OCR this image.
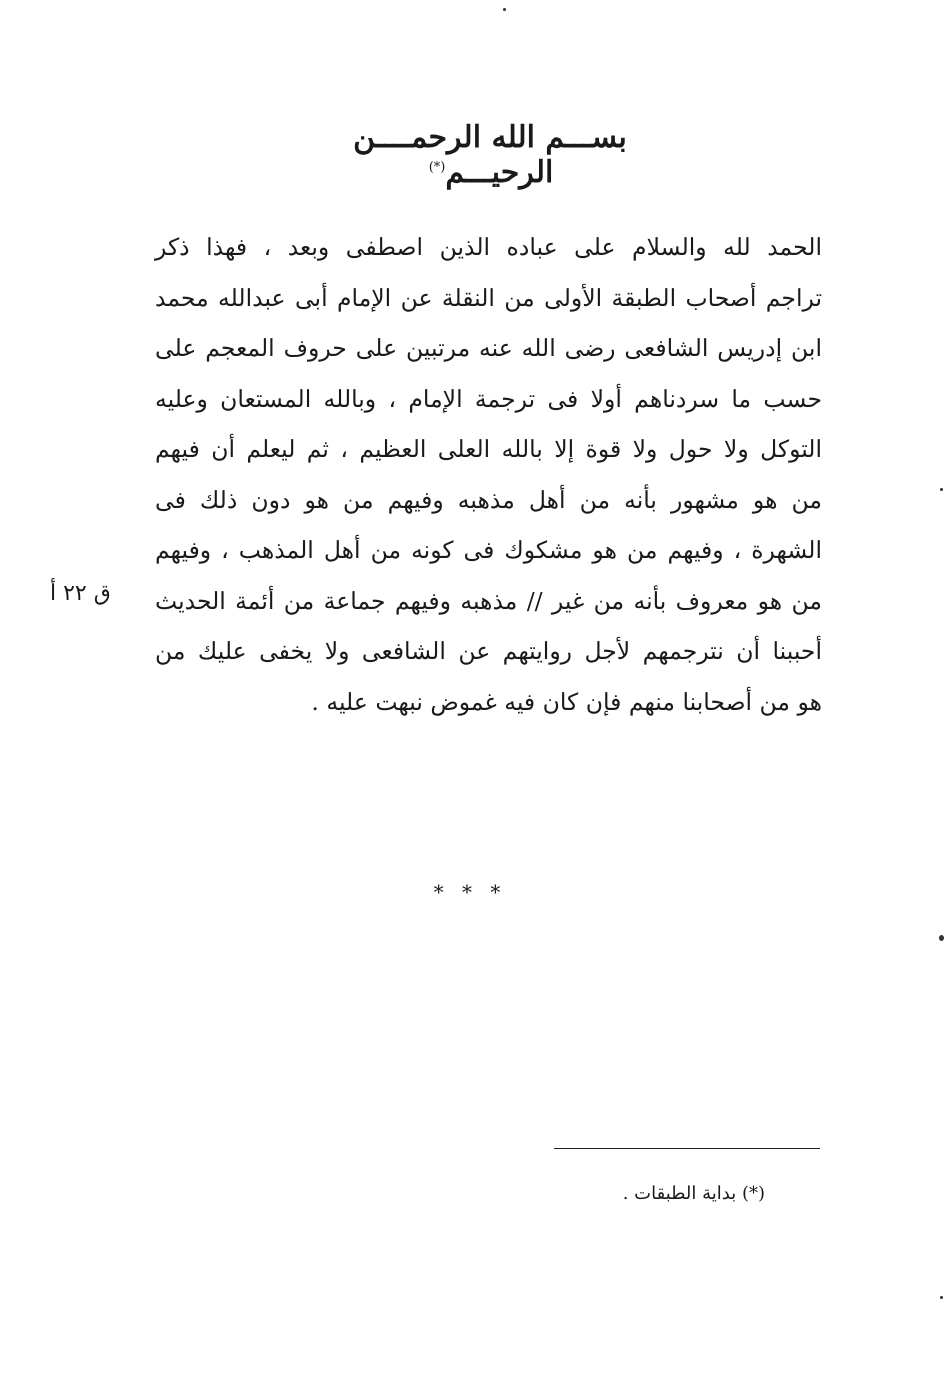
بســـم الله الرحمــــن الرحيـــم(*)
الحمد لله والسلام على عباده الذين اصطفى وبعد ، فهذا ذكر
تراجم أصحاب الطبقة الأولى من النقلة عن الإمام أبى عبدالله محمد
ابن إدريس الشافعى رضى الله عنه مرتبين على حروف المعجم على
حسب ما سردناهم أولا فى ترجمة الإمام ، وبالله المستعان وعليه
التوكل ولا حول ولا قوة إلا بالله العلى العظيم ، ثم ليعلم أن فيهم
من هو مشهور بأنه من أهل مذهبه وفيهم من هو دون ذلك فى
الشهرة ، وفيهم من هو مشكوك فى كونه من أهل المذهب ، وفيهم
من هو معروف بأنه من غير // مذهبه وفيهم جماعة من أئمة الحديث
أحببنا أن نترجمهم لأجل روايتهم عن الشافعى ولا يخفى عليك من
هو من أصحابنا منهم فإن كان فيه غموض نبهت عليه .
ق ٢٢ أ
* * *
(*) بداية الطبقات .
